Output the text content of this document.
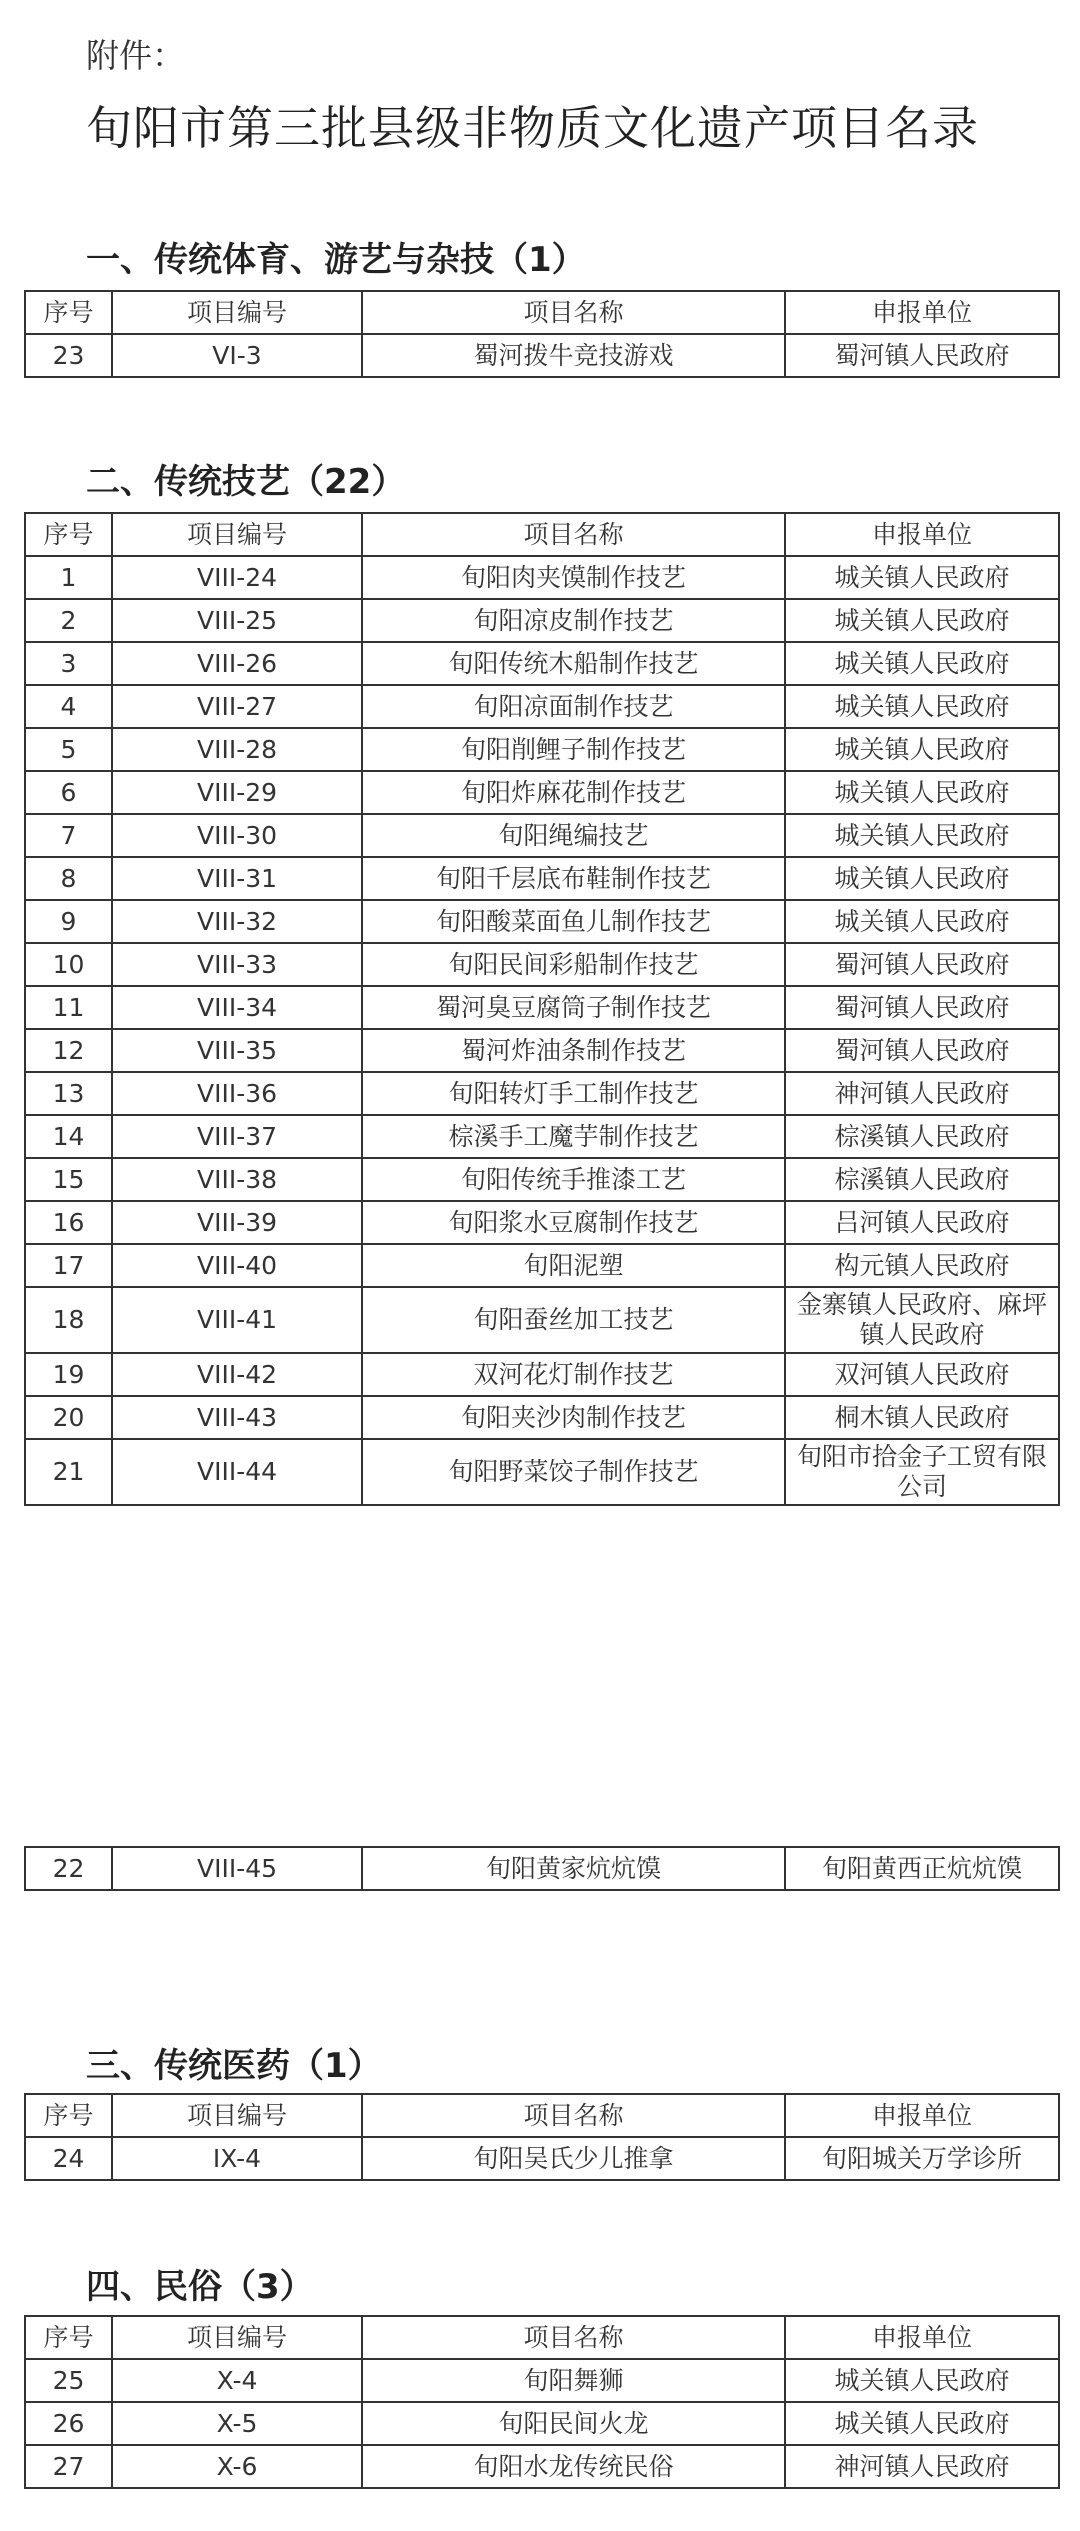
附件：
旬阳市第三批县级非物质文化遗产项目名录
一、传统体育、游艺与杂技（1）
序号	项目编号	项目名称	申报单位
23	VI-3	蜀河拨牛竞技游戏	蜀河镇人民政府
二、传统技艺（22）
序号	项目编号	项目名称	申报单位
1	VIII-24	旬阳肉夹馍制作技艺	城关镇人民政府
2	VIII-25	旬阳凉皮制作技艺	城关镇人民政府
3	VIII-26	旬阳传统木船制作技艺	城关镇人民政府
4	VIII-27	旬阳凉面制作技艺	城关镇人民政府
5	VIII-28	旬阳削鲤子制作技艺	城关镇人民政府
6	VIII-29	旬阳炸麻花制作技艺	城关镇人民政府
7	VIII-30	旬阳绳编技艺	城关镇人民政府
8	VIII-31	旬阳千层底布鞋制作技艺	城关镇人民政府
9	VIII-32	旬阳酸菜面鱼儿制作技艺	城关镇人民政府
10	VIII-33	旬阳民间彩船制作技艺	蜀河镇人民政府
11	VIII-34	蜀河臭豆腐筒子制作技艺	蜀河镇人民政府
12	VIII-35	蜀河炸油条制作技艺	蜀河镇人民政府
13	VIII-36	旬阳转灯手工制作技艺	神河镇人民政府
14	VIII-37	棕溪手工魔芋制作技艺	棕溪镇人民政府
15	VIII-38	旬阳传统手推漆工艺	棕溪镇人民政府
16	VIII-39	旬阳浆水豆腐制作技艺	吕河镇人民政府
17	VIII-40	旬阳泥塑	构元镇人民政府
18	VIII-41	旬阳蚕丝加工技艺	金寨镇人民政府、麻坪镇人民政府
19	VIII-42	双河花灯制作技艺	双河镇人民政府
20	VIII-43	旬阳夹沙肉制作技艺	桐木镇人民政府
21	VIII-44	旬阳野菜饺子制作技艺	旬阳市拾金子工贸有限公司
22	VIII-45	旬阳黄家炕炕馍	旬阳黄西正炕炕馍
三、传统医药（1）
序号	项目编号	项目名称	申报单位
24	IX-4	旬阳吴氏少儿推拿	旬阳城关万学诊所
四、民俗（3）
序号	项目编号	项目名称	申报单位
25	X-4	旬阳舞狮	城关镇人民政府
26	X-5	旬阳民间火龙	城关镇人民政府
27	X-6	旬阳水龙传统民俗	神河镇人民政府
